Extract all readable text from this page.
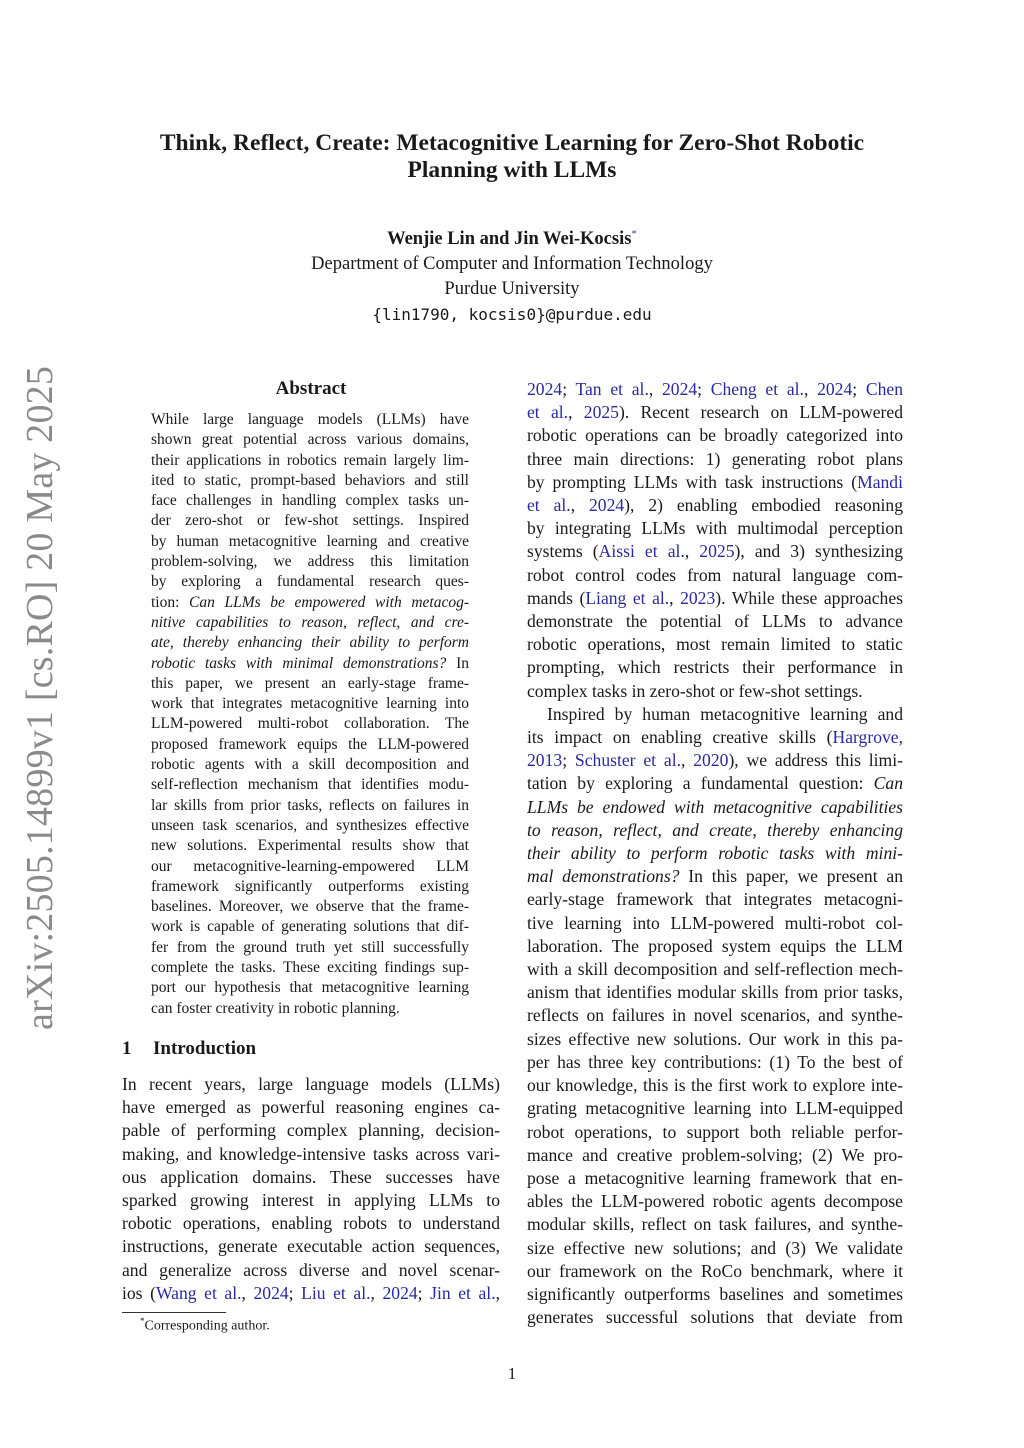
arXiv:2505.14899v1 [cs.RO] 20 May 2025
Think, Reflect, Create: Metacognitive Learning for Zero-Shot Robotic
Planning with LLMs
Wenjie Lin and Jin Wei-Kocsis*
Department of Computer and Information Technology
Purdue University
{lin1790, kocsis0}@purdue.edu
Abstract
While large language models (LLMs) have
shown great potential across various domains,
their applications in robotics remain largely lim-
ited to static, prompt-based behaviors and still
face challenges in handling complex tasks un-
der zero-shot or few-shot settings. Inspired
by human metacognitive learning and creative
problem-solving, we address this limitation
by exploring a fundamental research ques-
tion: Can LLMs be empowered with metacog-
nitive capabilities to reason, reflect, and cre-
ate, thereby enhancing their ability to perform
robotic tasks with minimal demonstrations? In
this paper, we present an early-stage frame-
work that integrates metacognitive learning into
LLM-powered multi-robot collaboration. The
proposed framework equips the LLM-powered
robotic agents with a skill decomposition and
self-reflection mechanism that identifies modu-
lar skills from prior tasks, reflects on failures in
unseen task scenarios, and synthesizes effective
new solutions. Experimental results show that
our metacognitive-learning-empowered LLM
framework significantly outperforms existing
baselines. Moreover, we observe that the frame-
work is capable of generating solutions that dif-
fer from the ground truth yet still successfully
complete the tasks. These exciting findings sup-
port our hypothesis that metacognitive learning
can foster creativity in robotic planning.
1 Introduction
In recent years, large language models (LLMs)
have emerged as powerful reasoning engines ca-
pable of performing complex planning, decision-
making, and knowledge-intensive tasks across vari-
ous application domains. These successes have
sparked growing interest in applying LLMs to
robotic operations, enabling robots to understand
instructions, generate executable action sequences,
and generalize across diverse and novel scenar-
ios (Wang et al., 2024; Liu et al., 2024; Jin et al.,
2024; Tan et al., 2024; Cheng et al., 2024; Chen
et al., 2025). Recent research on LLM-powered
robotic operations can be broadly categorized into
three main directions: 1) generating robot plans
by prompting LLMs with task instructions (Mandi
et al., 2024), 2) enabling embodied reasoning
by integrating LLMs with multimodal perception
systems (Aissi et al., 2025), and 3) synthesizing
robot control codes from natural language com-
mands (Liang et al., 2023). While these approaches
demonstrate the potential of LLMs to advance
robotic operations, most remain limited to static
prompting, which restricts their performance in
complex tasks in zero-shot or few-shot settings.
Inspired by human metacognitive learning and
its impact on enabling creative skills (Hargrove,
2013; Schuster et al., 2020), we address this limi-
tation by exploring a fundamental question: Can
LLMs be endowed with metacognitive capabilities
to reason, reflect, and create, thereby enhancing
their ability to perform robotic tasks with mini-
mal demonstrations? In this paper, we present an
early-stage framework that integrates metacogni-
tive learning into LLM-powered multi-robot col-
laboration. The proposed system equips the LLM
with a skill decomposition and self-reflection mech-
anism that identifies modular skills from prior tasks,
reflects on failures in novel scenarios, and synthe-
sizes effective new solutions. Our work in this pa-
per has three key contributions: (1) To the best of
our knowledge, this is the first work to explore inte-
grating metacognitive learning into LLM-equipped
robot operations, to support both reliable perfor-
mance and creative problem-solving; (2) We pro-
pose a metacognitive learning framework that en-
ables the LLM-powered robotic agents decompose
modular skills, reflect on task failures, and synthe-
size effective new solutions; and (3) We validate
our framework on the RoCo benchmark, where it
significantly outperforms baselines and sometimes
generates successful solutions that deviate from
*Corresponding author.
1
